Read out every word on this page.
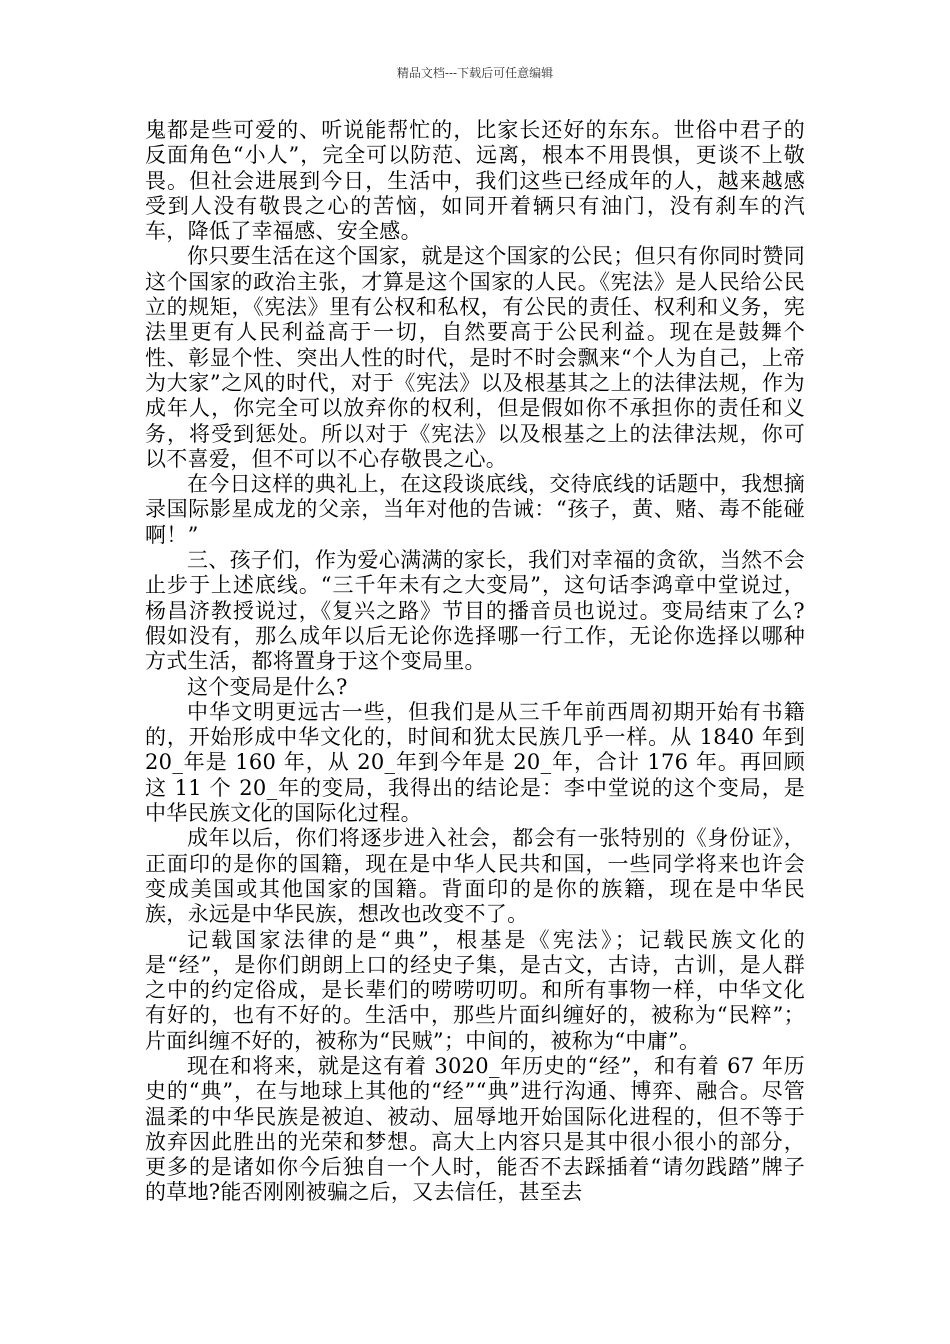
精品文档---下载后可任意编辑

鬼都是些可爱的、听说能帮忙的，比家长还好的东东。世俗中君子的反面角色“小人”，完全可以防范、远离，根本不用畏惧，更谈不上敬畏。但社会进展到今日，生活中，我们这些已经成年的人，越来越感受到人没有敬畏之心的苦恼，如同开着辆只有油门，没有刹车的汽车，降低了幸福感、安全感。

你只要生活在这个国家，就是这个国家的公民；但只有你同时赞同这个国家的政治主张，才算是这个国家的人民。《宪法》是人民给公民立的规矩，《宪法》里有公权和私权，有公民的责任、权利和义务，宪法里更有人民利益高于一切，自然要高于公民利益。现在是鼓舞个性、彰显个性、突出人性的时代，是时不时会飘来“个人为自己，上帝为大家”之风的时代，对于《宪法》以及根基其之上的法律法规，作为成年人，你完全可以放弃你的权利，但是假如你不承担你的责任和义务，将受到惩处。所以对于《宪法》以及根基之上的法律法规，你可以不喜爱，但不可以不心存敬畏之心。

在今日这样的典礼上，在这段谈底线，交待底线的话题中，我想摘录国际影星成龙的父亲，当年对他的告诫：“孩子，黄、赌、毒不能碰啊！”

三、孩子们，作为爱心满满的家长，我们对幸福的贪欲，当然不会止步于上述底线。“三千年未有之大变局”，这句话李鸿章中堂说过，杨昌济教授说过，《复兴之路》节目的播音员也说过。变局结束了么?假如没有，那么成年以后无论你选择哪一行工作，无论你选择以哪种方式生活，都将置身于这个变局里。

这个变局是什么?

中华文明更远古一些，但我们是从三千年前西周初期开始有书籍的，开始形成中华文化的，时间和犹太民族几乎一样。从 1840 年到 20_年是 160 年，从 20_年到今年是 20_年，合计 176 年。再回顾这 11 个 20_年的变局，我得出的结论是：李中堂说的这个变局，是中华民族文化的国际化过程。

成年以后，你们将逐步进入社会，都会有一张特别的《身份证》，正面印的是你的国籍，现在是中华人民共和国，一些同学将来也许会变成美国或其他国家的国籍。背面印的是你的族籍，现在是中华民族，永远是中华民族，想改也改变不了。

记载国家法律的是“典”，根基是《宪法》；记载民族文化的是“经”，是你们朗朗上口的经史子集，是古文，古诗，古训，是人群之中的约定俗成，是长辈们的唠唠叨叨。和所有事物一样，中华文化有好的，也有不好的。生活中，那些片面纠缠好的，被称为“民粹”；片面纠缠不好的，被称为“民贼”；中间的，被称为“中庸”。

现在和将来，就是这有着 3020_年历史的“经”，和有着 67 年历史的“典”，在与地球上其他的“经”“典”进行沟通、博弈、融合。尽管温柔的中华民族是被迫、被动、屈辱地开始国际化进程的，但不等于放弃因此胜出的光荣和梦想。高大上内容只是其中很小很小的部分，更多的是诸如你今后独自一个人时，能否不去踩插着“请勿践踏”牌子的草地?能否刚刚被骗之后，又去信任，甚至去
